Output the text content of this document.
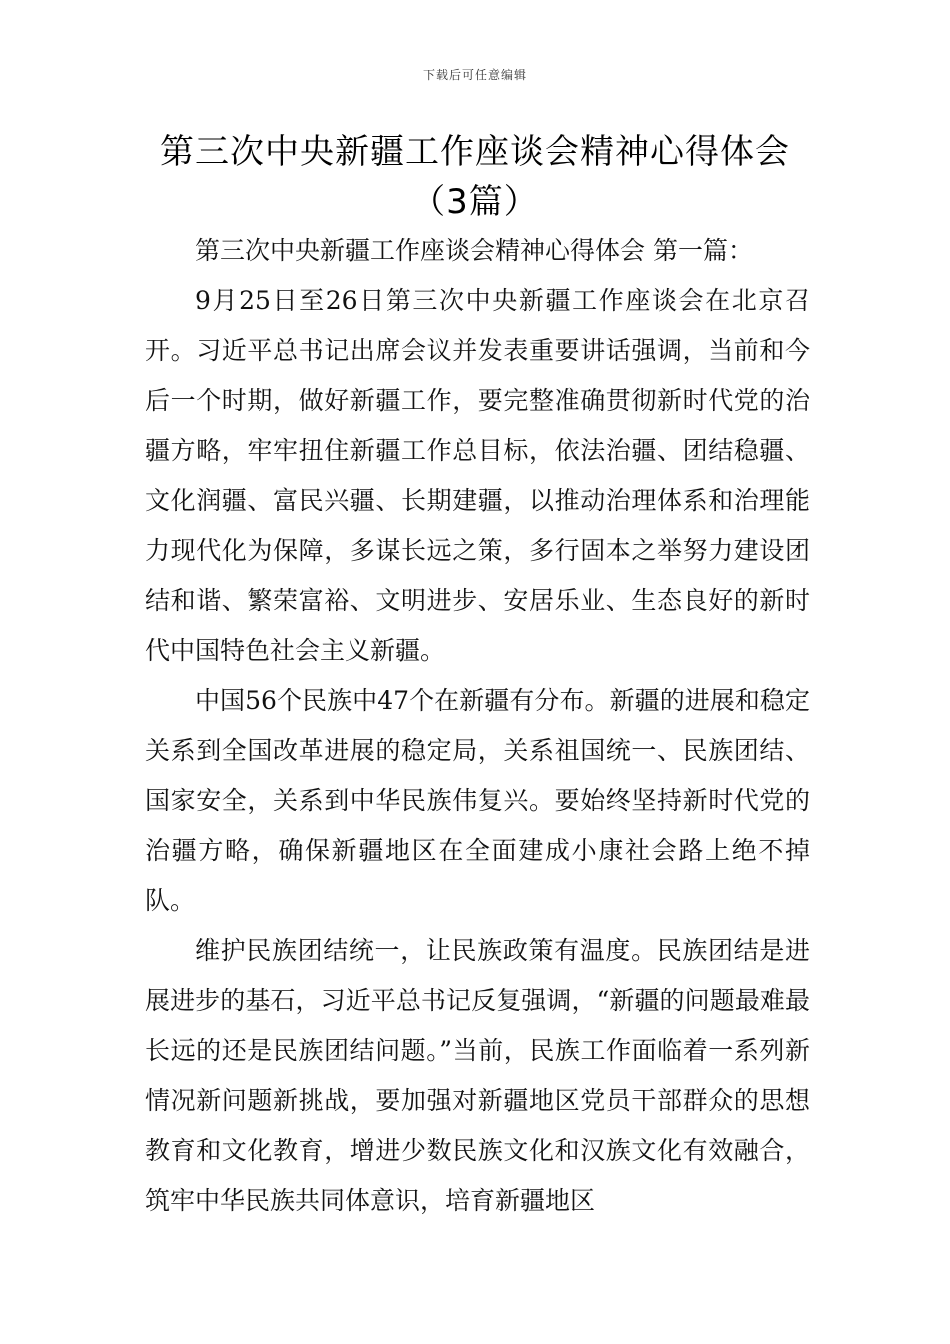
下载后可任意编辑
第三次中央新疆工作座谈会精神心得体会
（3篇）

第三次中央新疆工作座谈会精神心得体会 第一篇：

9月25日至26日第三次中央新疆工作座谈会在北京召开。习近平总书记出席会议并发表重要讲话强调，当前和今后一个时期，做好新疆工作，要完整准确贯彻新时代党的治疆方略，牢牢扭住新疆工作总目标，依法治疆、团结稳疆、文化润疆、富民兴疆、长期建疆，以推动治理体系和治理能力现代化为保障，多谋长远之策，多行固本之举努力建设团结和谐、繁荣富裕、文明进步、安居乐业、生态良好的新时代中国特色社会主义新疆。

中国56个民族中47个在新疆有分布。新疆的进展和稳定关系到全国改革进展的稳定局，关系祖国统一、民族团结、国家安全，关系到中华民族伟复兴。要始终坚持新时代党的治疆方略，确保新疆地区在全面建成小康社会路上绝不掉队。

维护民族团结统一，让民族政策有温度。民族团结是进展进步的基石，习近平总书记反复强调，“新疆的问题最难最长远的还是民族团结问题。”当前，民族工作面临着一系列新情况新问题新挑战，要加强对新疆地区党员干部群众的思想教育和文化教育，增进少数民族文化和汉族文化有效融合，筑牢中华民族共同体意识，培育新疆地区
